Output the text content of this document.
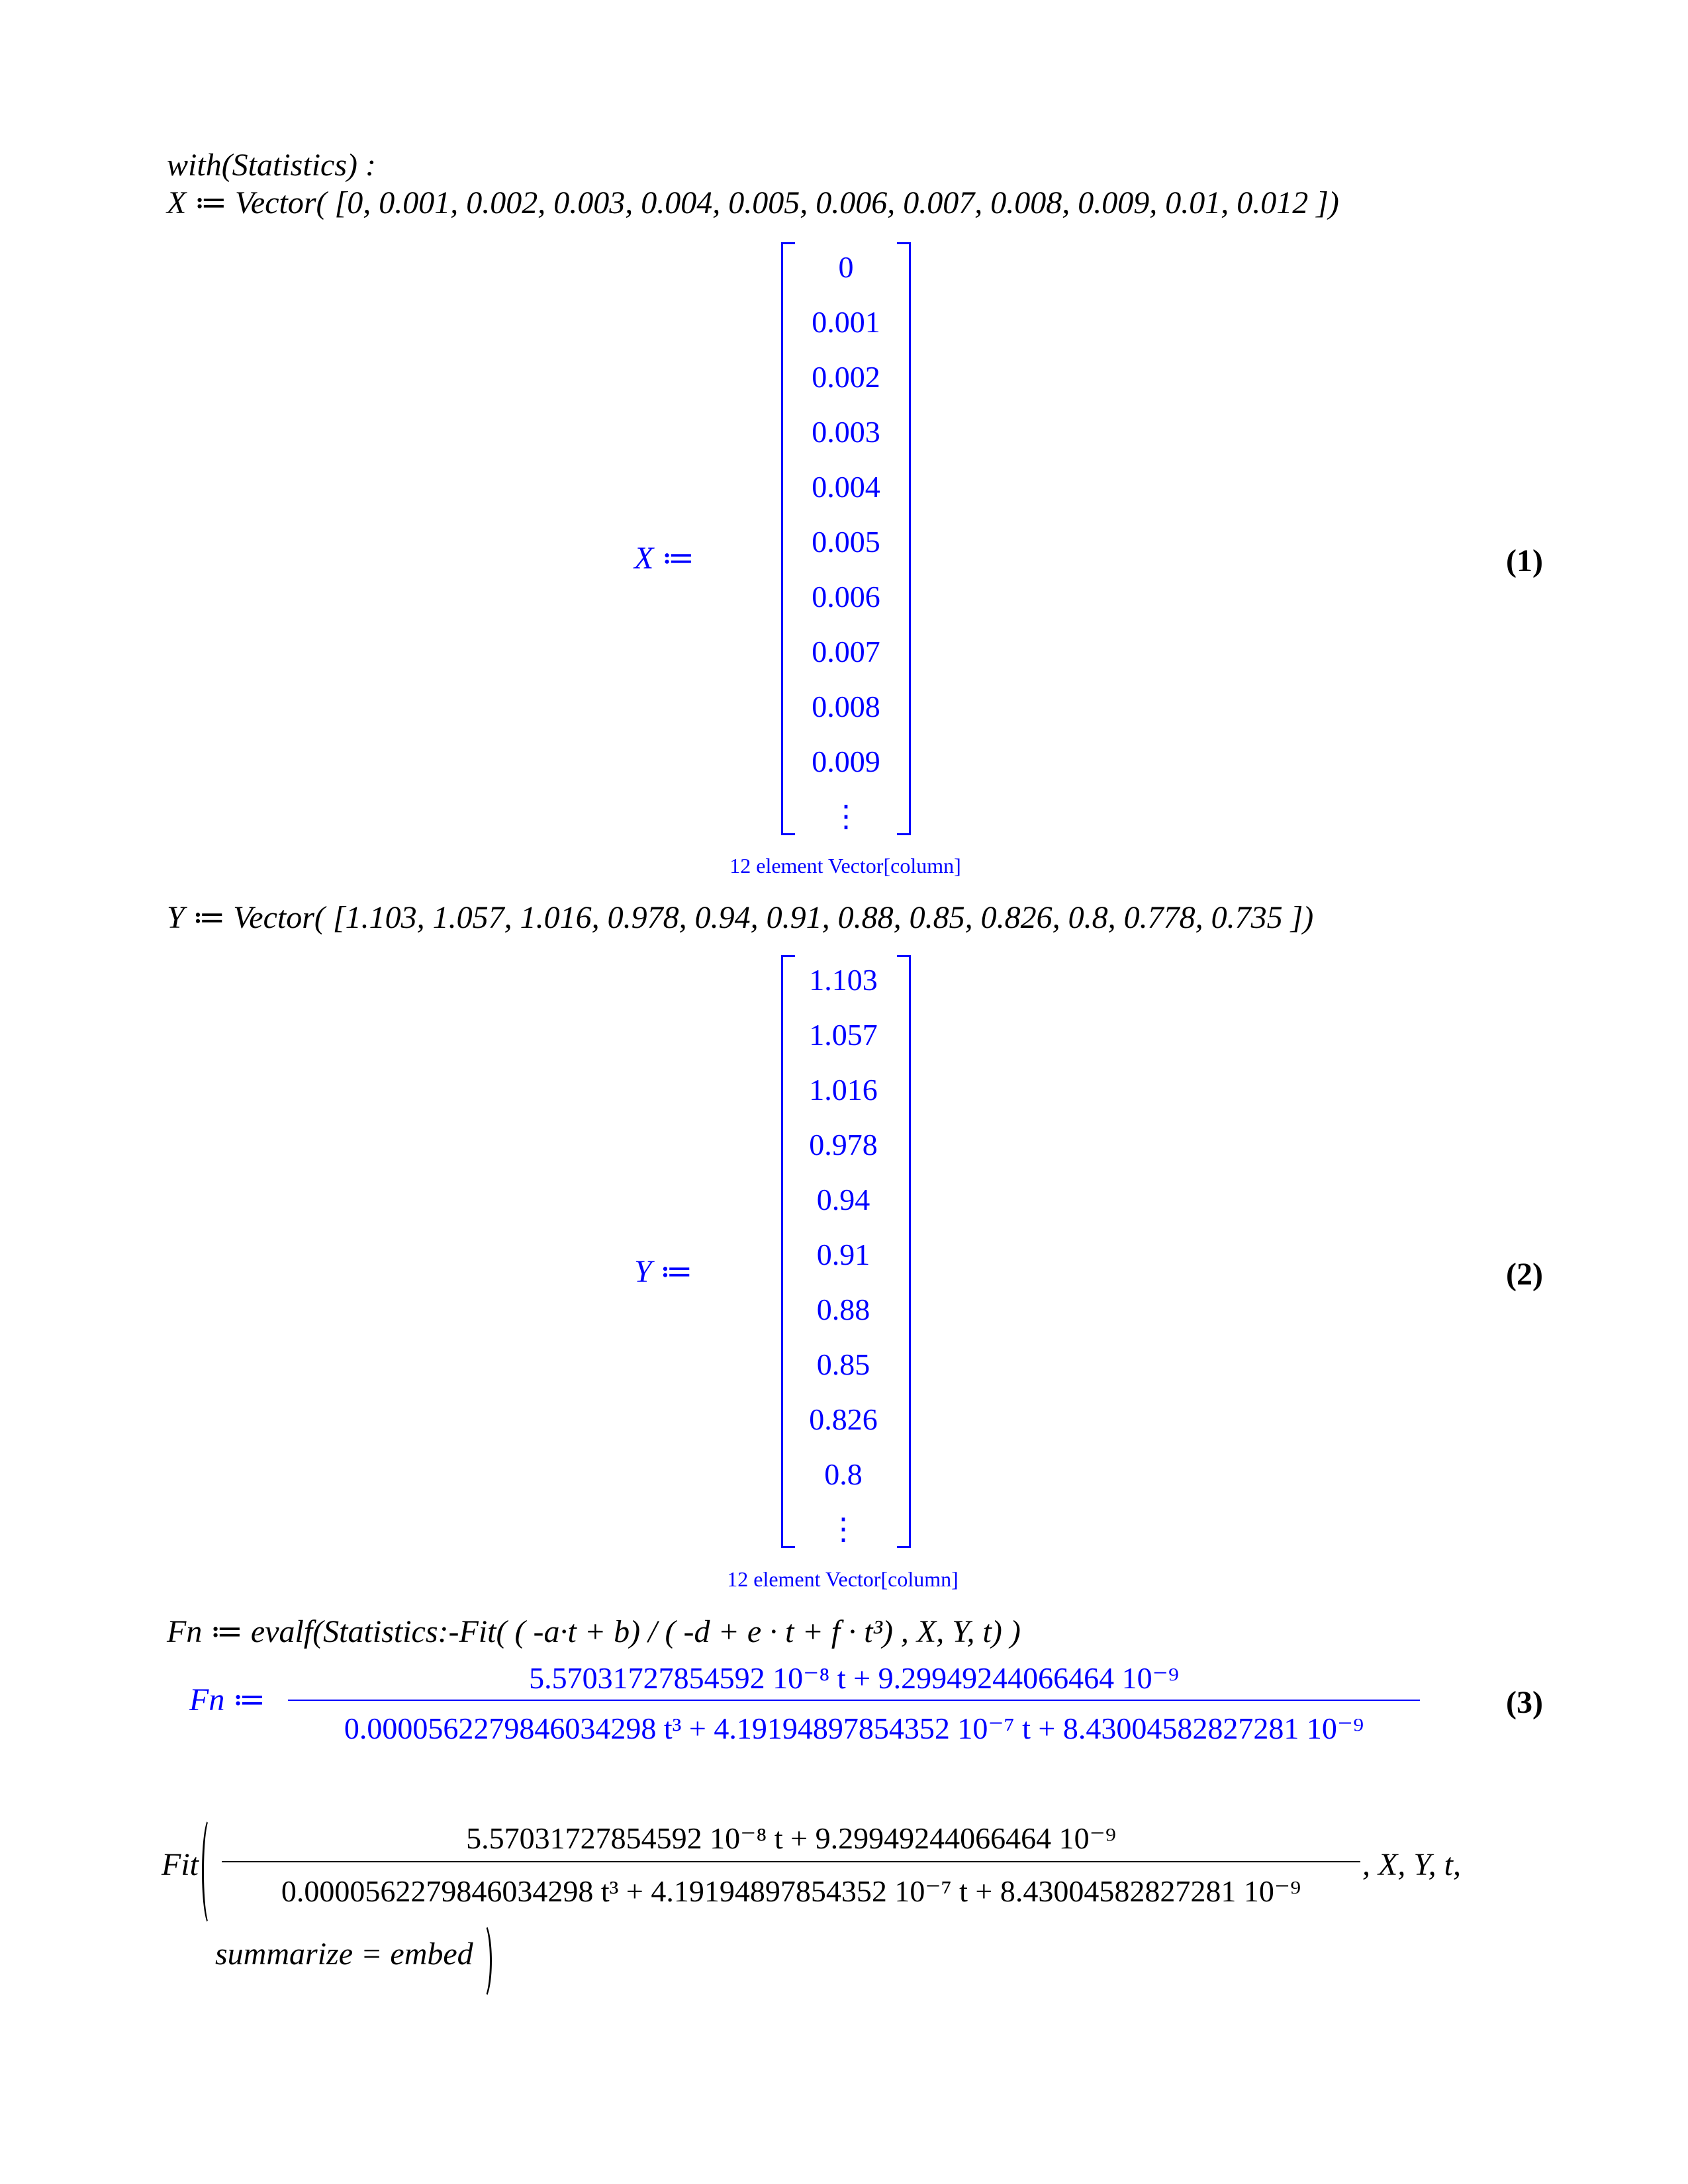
with(Statistics) :
X ≔ Vector( [0, 0.001, 0.002, 0.003, 0.004, 0.005, 0.006, 0.007, 0.008, 0.009, 0.01, 0.012 ])
X ≔
0
0.001
0.002
0.003
0.004
0.005
0.006
0.007
0.008
0.009
⋮
12 element Vector[column]
(1)
Y ≔ Vector( [1.103, 1.057, 1.016, 0.978, 0.94, 0.91, 0.88, 0.85, 0.826, 0.8, 0.778, 0.735 ])
Y ≔
1.103
1.057
1.016
0.978
0.94
0.91
0.88
0.85
0.826
0.8
⋮
12 element Vector[column]
(2)
Fn ≔ evalf(Statistics:-Fit( ( -a·t + b) / ( -d + e · t + f · t³) , X, Y, t) )
Fn ≔
5.57031727854592 10⁻⁸ t + 9.29949244066464 10⁻⁹
0.0000562279846034298 t³ + 4.19194897854352 10⁻⁷ t + 8.43004582827281 10⁻⁹
(3)
Fit
5.57031727854592 10⁻⁸ t + 9.29949244066464 10⁻⁹
0.0000562279846034298 t³ + 4.19194897854352 10⁻⁷ t + 8.43004582827281 10⁻⁹
, X, Y, t,
summarize = embed
